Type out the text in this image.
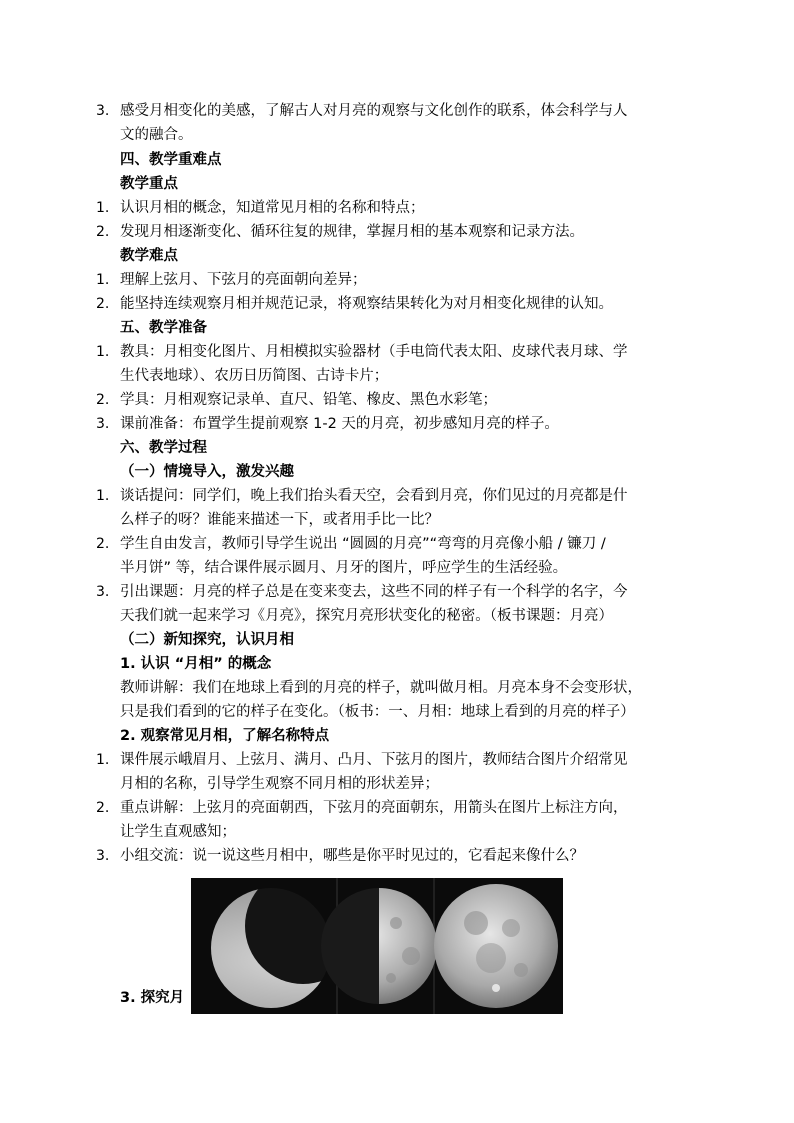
3. 感受月相变化的美感，了解古人对月亮的观察与文化创作的联系，体会科学与人
文的融合。
四、教学重难点
教学重点
1. 认识月相的概念，知道常见月相的名称和特点；
2. 发现月相逐渐变化、循环往复的规律，掌握月相的基本观察和记录方法。
教学难点
1. 理解上弦月、下弦月的亮面朝向差异；
2. 能坚持连续观察月相并规范记录，将观察结果转化为对月相变化规律的认知。
五、教学准备
1. 教具：月相变化图片、月相模拟实验器材（手电筒代表太阳、皮球代表月球、学
生代表地球）、农历日历简图、古诗卡片；
2. 学具：月相观察记录单、直尺、铅笔、橡皮、黑色水彩笔；
3. 课前准备：布置学生提前观察 1-2 天的月亮，初步感知月亮的样子。
六、教学过程
（一）情境导入，激发兴趣
1. 谈话提问：同学们，晚上我们抬头看天空，会看到月亮，你们见过的月亮都是什
么样子的呀？谁能来描述一下，或者用手比一比？
2. 学生自由发言，教师引导学生说出 “圆圆的月亮”“弯弯的月亮像小船 / 镰刀 /
半月饼” 等，结合课件展示圆月、月牙的图片，呼应学生的生活经验。
3. 引出课题：月亮的样子总是在变来变去，这些不同的样子有一个科学的名字，今
天我们就一起来学习《月亮》，探究月亮形状变化的秘密。（板书课题：月亮）
（二）新知探究，认识月相
1. 认识 “月相” 的概念
教师讲解：我们在地球上看到的月亮的样子，就叫做月相。月亮本身不会变形状，
只是我们看到的它的样子在变化。（板书：一、月相：地球上看到的月亮的样子）
2. 观察常见月相，了解名称特点
1. 课件展示峨眉月、上弦月、满月、凸月、下弦月的图片，教师结合图片介绍常见
月相的名称，引导学生观察不同月相的形状差异；
2. 重点讲解：上弦月的亮面朝西，下弦月的亮面朝东，用箭头在图片上标注方向，
让学生直观感知；
3. 小组交流：说一说这些月相中，哪些是你平时见过的，它看起来像什么？
3. 探究月
